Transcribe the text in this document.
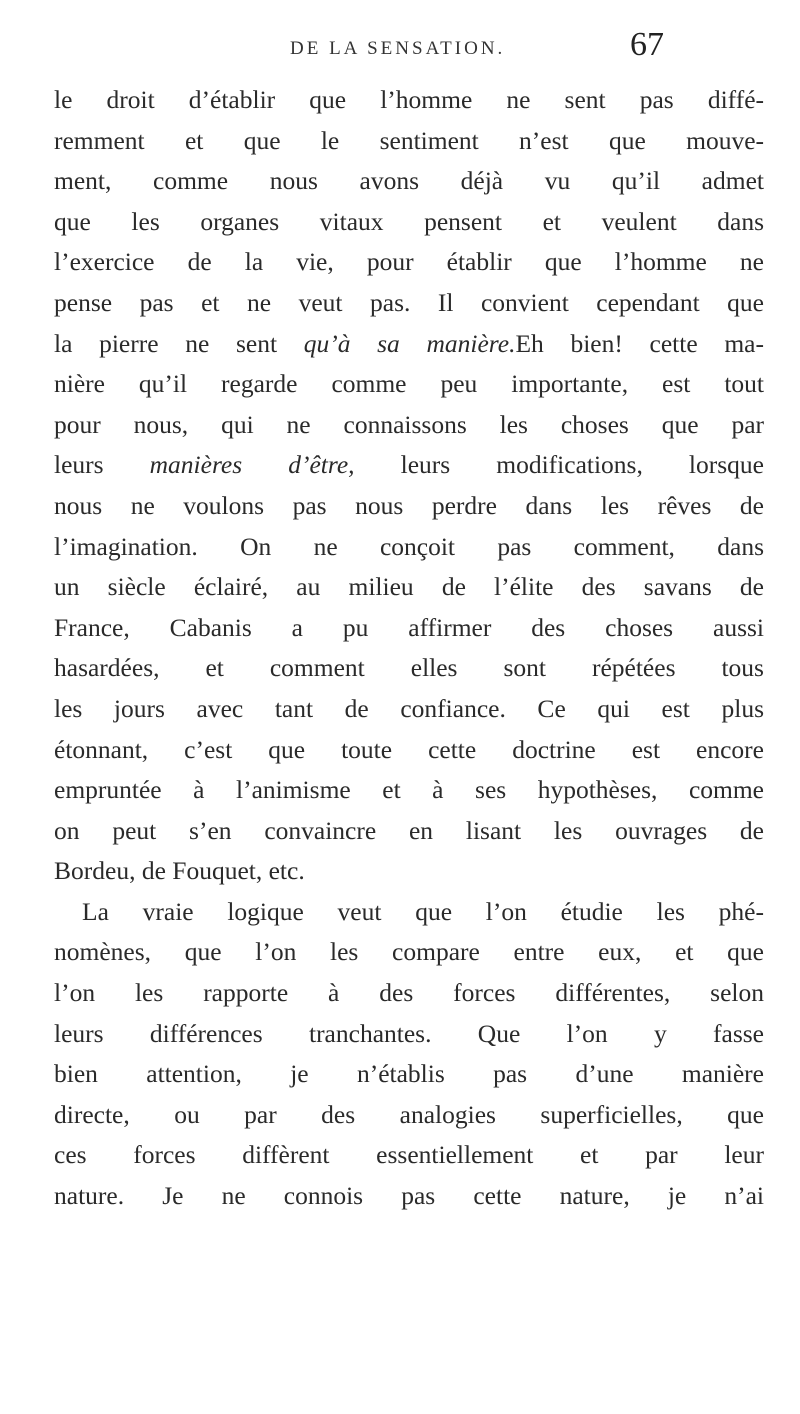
DE LA SENSATION.	67
le droit d’établir que l’homme ne sent pas diffé-
remment et que le sentiment n’est que mouve-
ment, comme nous avons déjà vu qu’il admet
que les organes vitaux pensent et veulent dans
l’exercice de la vie, pour établir que l’homme ne
pense pas et ne veut pas. Il convient cependant que
la pierre ne sent qu’à sa manière.Eh bien! cette ma-
nière qu’il regarde comme peu importante, est tout
pour nous, qui ne connaissons les choses que par
leurs manières d’être, leurs modifications, lorsque
nous ne voulons pas nous perdre dans les rêves de
l’imagination. On ne conçoit pas comment, dans
un siècle éclairé, au milieu de l’élite des savans de
France, Cabanis a pu affirmer des choses aussi
hasardées, et comment elles sont répétées tous
les jours avec tant de confiance. Ce qui est plus
étonnant, c’est que toute cette doctrine est encore
empruntée à l’animisme et à ses hypothèses, comme
on peut s’en convaincre en lisant les ouvrages de
Bordeu, de Fouquet, etc.
La vraie logique veut que l’on étudie les phé-
nomènes, que l’on les compare entre eux, et que
l’on les rapporte à des forces différentes, selon
leurs différences tranchantes. Que l’on y fasse
bien attention, je n’établis pas d’une manière
directe, ou par des analogies superficielles, que
ces forces diffèrent essentiellement et par leur
nature. Je ne connois pas cette nature, je n’ai
